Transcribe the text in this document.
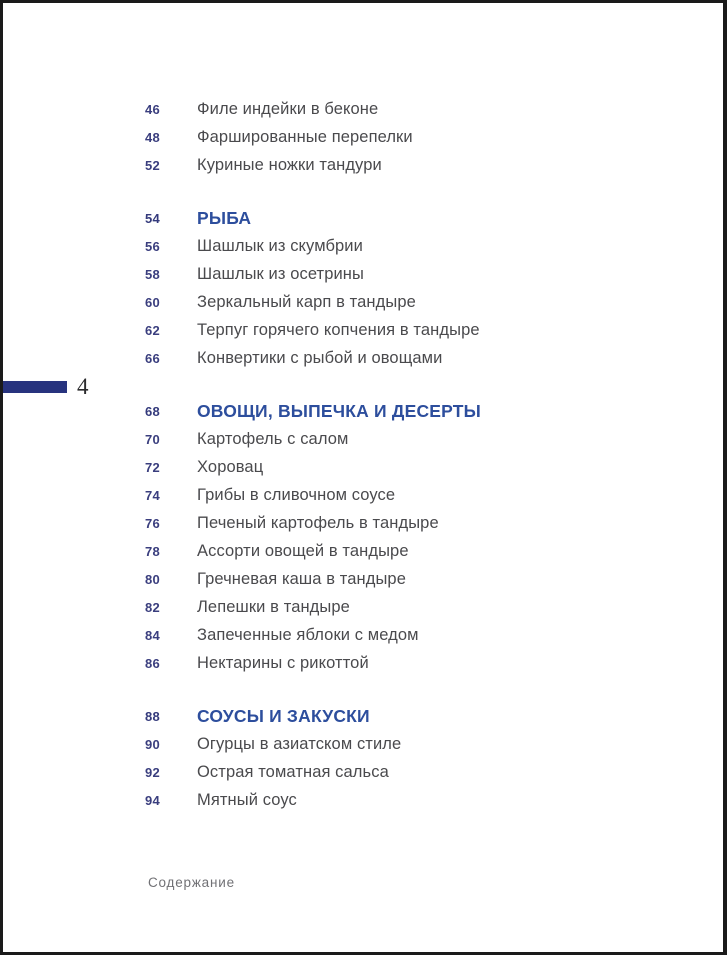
46	Филе индейки в беконе
48	Фаршированные перепелки
52	Куриные ножки тандури
54	РЫБА
56	Шашлык из скумбрии
58	Шашлык из осетрины
60	Зеркальный карп в тандыре
62	Терпуг горячего копчения в тандыре
66	Конвертики с рыбой и овощами
68	ОВОЩИ, ВЫПЕЧКА И ДЕСЕРТЫ
70	Картофель с салом
72	Хоровац
74	Грибы в сливочном соусе
76	Печеный картофель в тандыре
78	Ассорти овощей в тандыре
80	Гречневая каша в тандыре
82	Лепешки в тандыре
84	Запеченные яблоки с медом
86	Нектарины с рикоттой
88	СОУСЫ И ЗАКУСКИ
90	Огурцы в азиатском стиле
92	Острая томатная сальса
94	Мятный соус
4
Содержание
